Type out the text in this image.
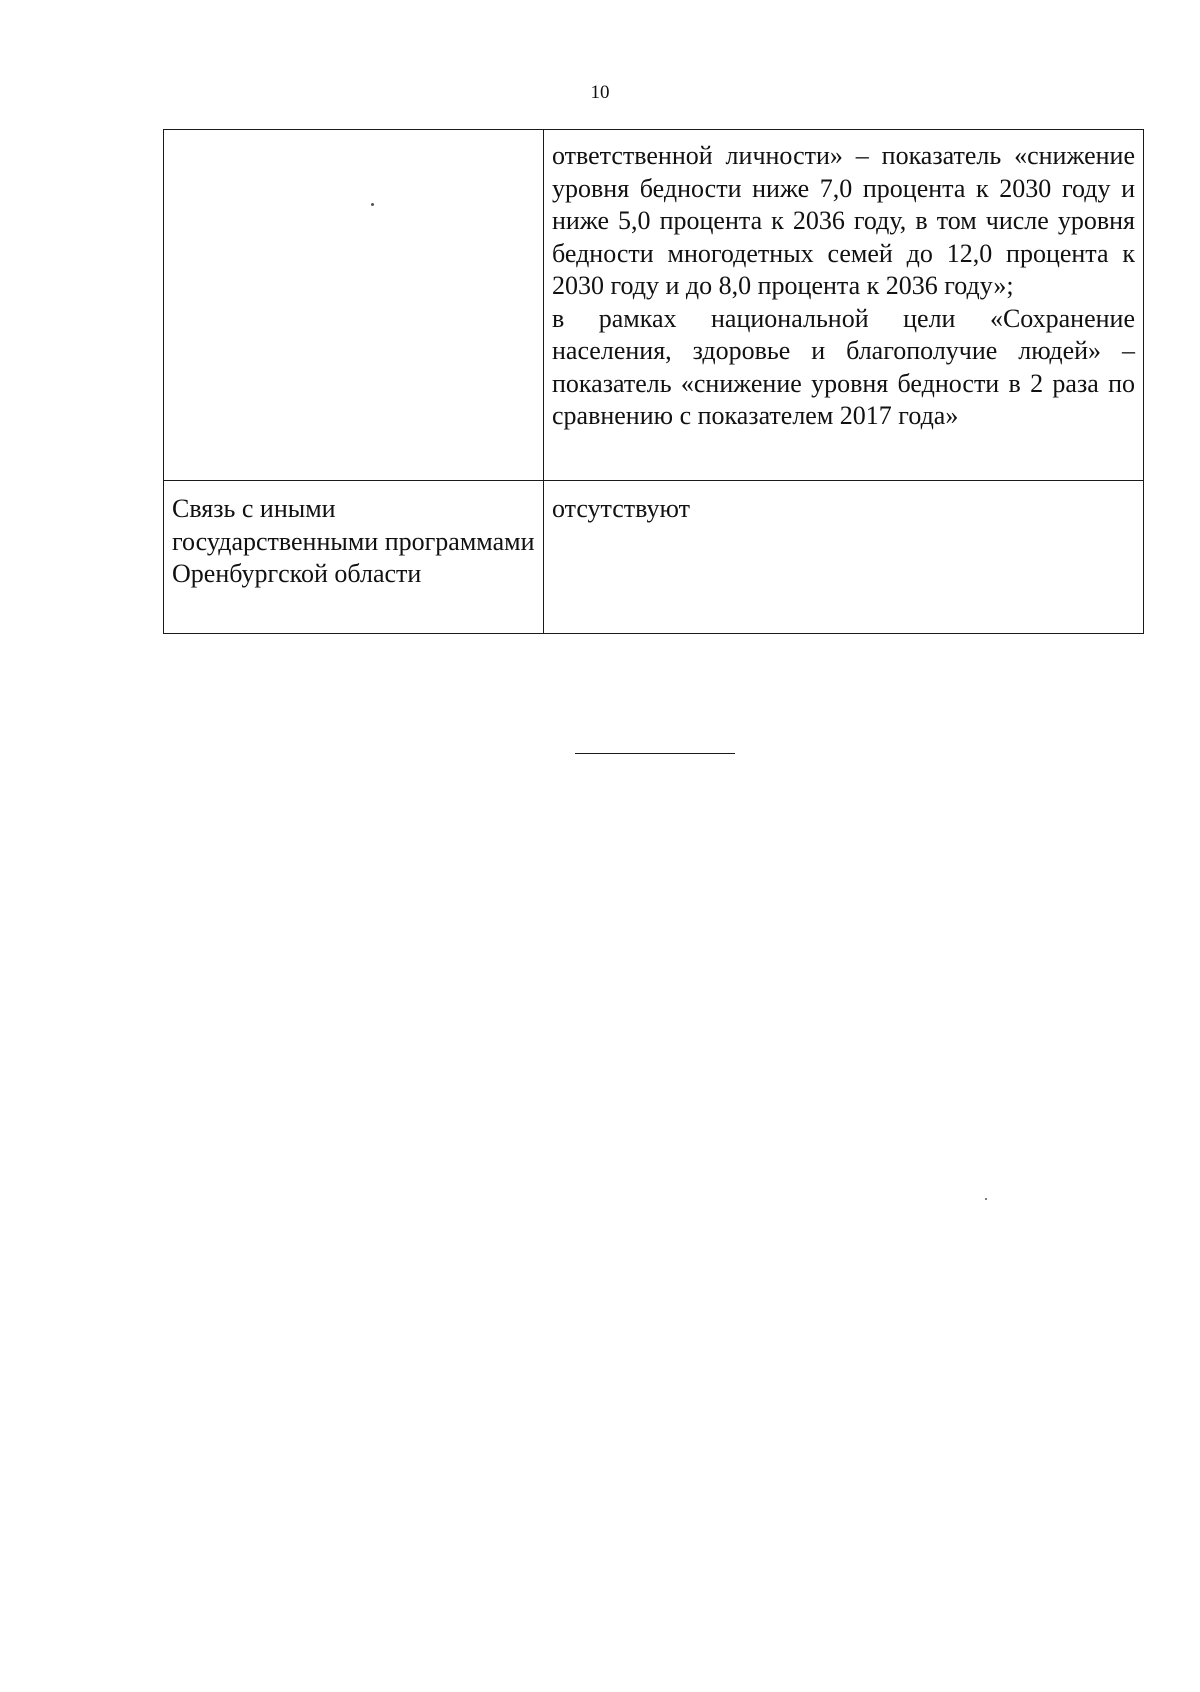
10

	ответственной личности» – показатель «снижение уровня бедности ниже 7,0 процента к 2030 году и ниже 5,0 процента к 2036 году, в том числе уровня бедности многодетных семей до 12,0 процента к 2030 году и до 8,0 процента к 2036 году»;

в рамках национальной цели «Сохранение населения, здоровье и благополучие людей» – показатель «снижение уровня бедности в 2 раза по сравнению с показателем 2017 года»

Связь с иными государственными программами Оренбургской области	отсутствуют
